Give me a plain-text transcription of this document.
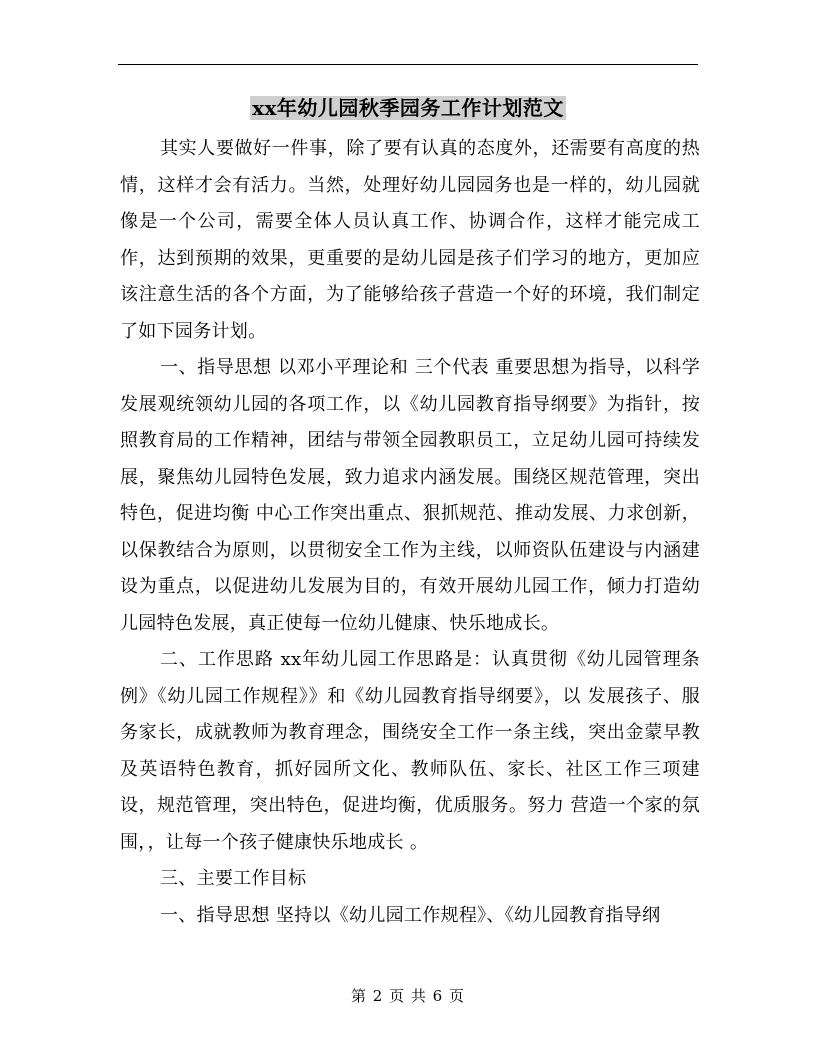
xx年幼儿园秋季园务工作计划范文

其实人要做好一件事，除了要有认真的态度外，还需要有高度的热情，这样才会有活力。当然，处理好幼儿园园务也是一样的，幼儿园就像是一个公司，需要全体人员认真工作、协调合作，这样才能完成工作，达到预期的效果，更重要的是幼儿园是孩子们学习的地方，更加应该注意生活的各个方面，为了能够给孩子营造一个好的环境，我们制定了如下园务计划。

一、指导思想 以邓小平理论和 三个代表 重要思想为指导，以科学发展观统领幼儿园的各项工作，以《幼儿园教育指导纲要》为指针，按照教育局的工作精神，团结与带领全园教职员工，立足幼儿园可持续发展，聚焦幼儿园特色发展，致力追求内涵发展。围绕区规范管理，突出特色，促进均衡 中心工作突出重点、狠抓规范、推动发展、力求创新，以保教结合为原则，以贯彻安全工作为主线，以师资队伍建设与内涵建设为重点，以促进幼儿发展为目的，有效开展幼儿园工作，倾力打造幼儿园特色发展，真正使每一位幼儿健康、快乐地成长。

二、工作思路 xx年幼儿园工作思路是：认真贯彻《幼儿园管理条例》《幼儿园工作规程》》和《幼儿园教育指导纲要》，以 发展孩子、服务家长，成就教师为教育理念，围绕安全工作一条主线，突出金蒙早教及英语特色教育，抓好园所文化、教师队伍、家长、社区工作三项建设，规范管理，突出特色，促进均衡，优质服务。努力 营造一个家的氛围，，让每一个孩子健康快乐地成长 。

三、主要工作目标

一、指导思想 坚持以《幼儿园工作规程》、《幼儿园教育指导纲

第 2 页 共 6 页
